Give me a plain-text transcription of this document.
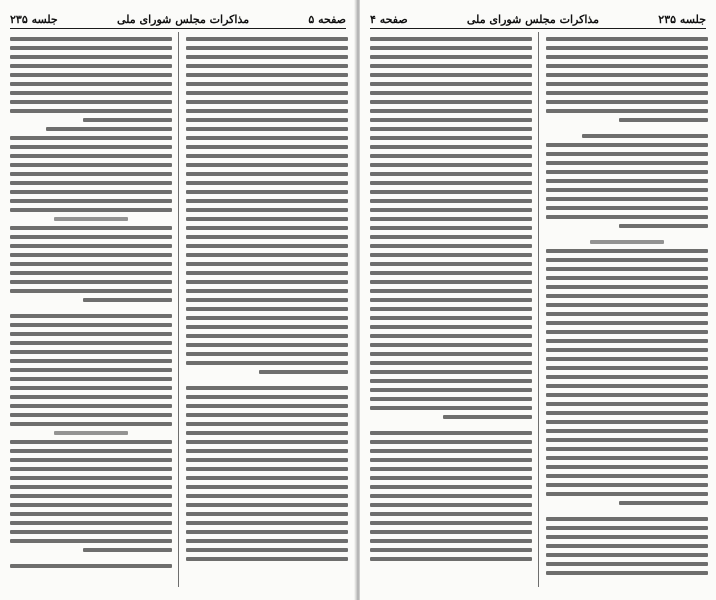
صفحه ۵
مذاکرات مجلس شورای ملی
جلسه ۲۳۵	جلسه ۲۳۵
مذاکرات مجلس شورای ملی
صفحه ۴
